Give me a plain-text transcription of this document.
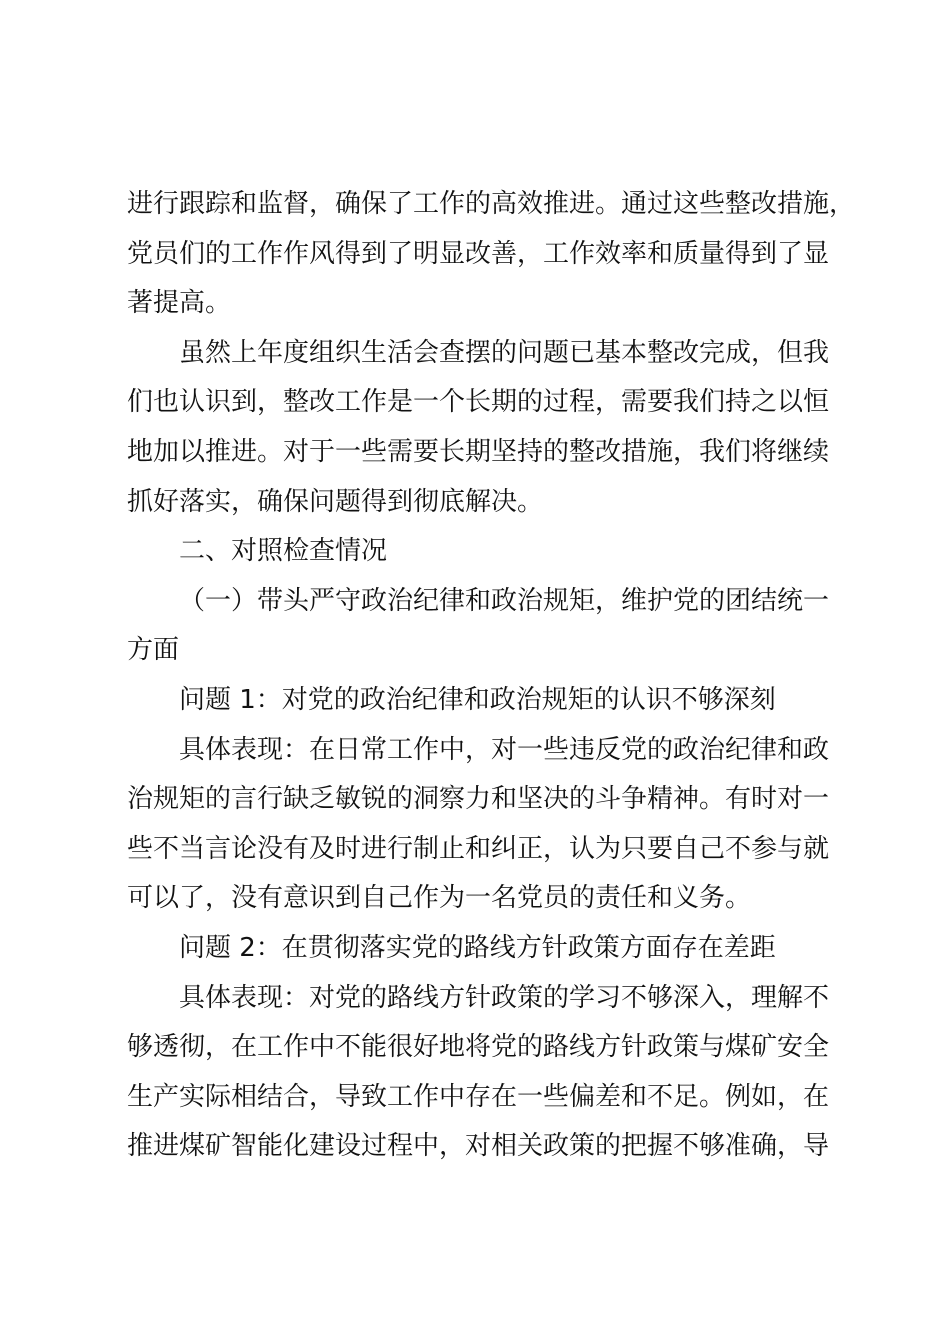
进行跟踪和监督，确保了工作的高效推进。通过这些整改措施，
党员们的工作作风得到了明显改善，工作效率和质量得到了显
著提高。
虽然上年度组织生活会查摆的问题已基本整改完成，但我
们也认识到，整改工作是一个长期的过程，需要我们持之以恒
地加以推进。对于一些需要长期坚持的整改措施，我们将继续
抓好落实，确保问题得到彻底解决。
二、对照检查情况
（一）带头严守政治纪律和政治规矩，维护党的团结统一
方面
问题 1：对党的政治纪律和政治规矩的认识不够深刻
具体表现：在日常工作中，对一些违反党的政治纪律和政
治规矩的言行缺乏敏锐的洞察力和坚决的斗争精神。有时对一
些不当言论没有及时进行制止和纠正，认为只要自己不参与就
可以了，没有意识到自己作为一名党员的责任和义务。
问题 2：在贯彻落实党的路线方针政策方面存在差距
具体表现：对党的路线方针政策的学习不够深入，理解不
够透彻，在工作中不能很好地将党的路线方针政策与煤矿安全
生产实际相结合，导致工作中存在一些偏差和不足。例如，在
推进煤矿智能化建设过程中，对相关政策的把握不够准确，导
